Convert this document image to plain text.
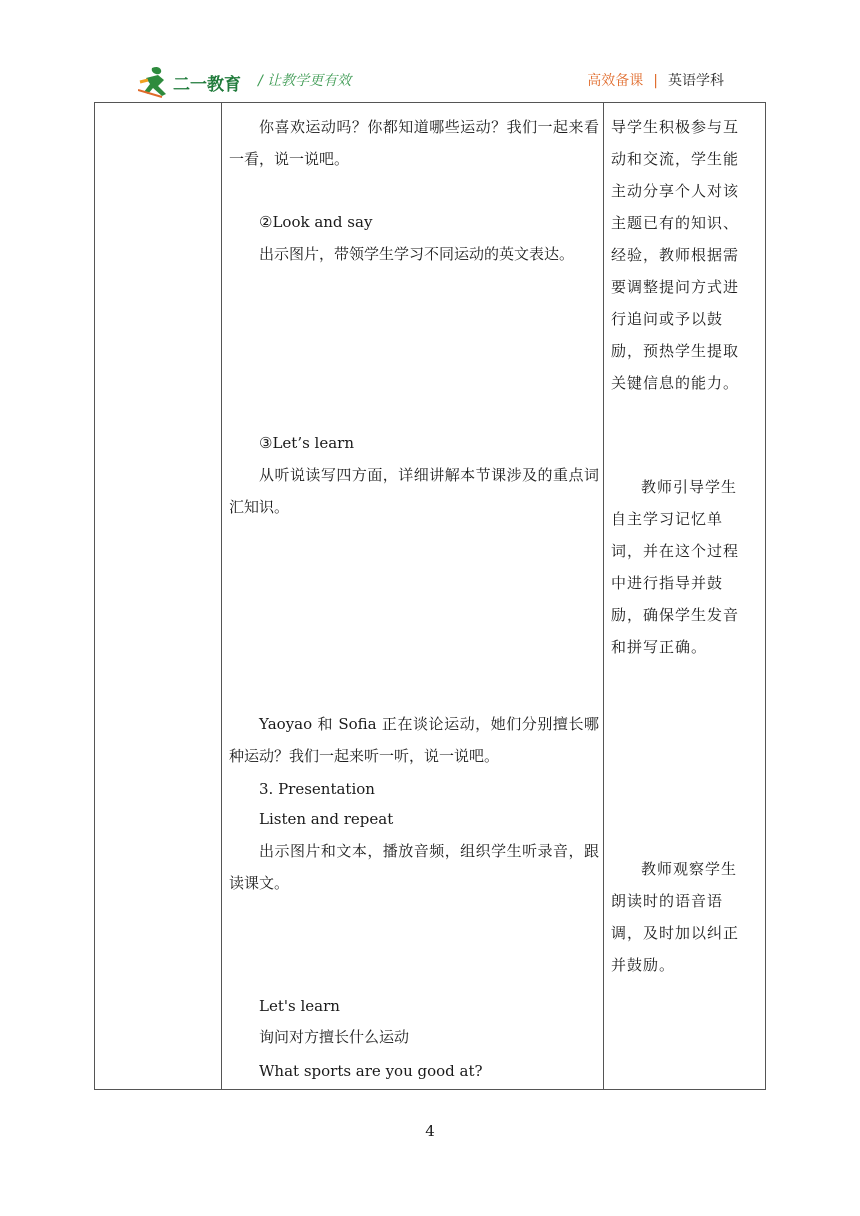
二一教育 / 让教学更有效	高效备课 | 英语学科

你喜欢运动吗？你都知道哪些运动？我们一起来看一看，说一说吧。

②Look and say

出示图片，带领学生学习不同运动的英文表达。

③Let’s learn

从听说读写四方面，详细讲解本节课涉及的重点词汇知识。

Yaoyao 和 Sofia 正在谈论运动，她们分别擅长哪种运动？我们一起来听一听，说一说吧。

3. Presentation

Listen and repeat

出示图片和文本，播放音频，组织学生听录音，跟读课文。

Let's learn

询问对方擅长什么运动

What sports are you good at?

导学生积极参与互动和交流，学生能主动分享个人对该主题已有的知识、经验，教师根据需要调整提问方式进行追问或予以鼓励，预热学生提取关键信息的能力。

教师引导学生自主学习记忆单词，并在这个过程中进行指导并鼓励，确保学生发音和拼写正确。

教师观察学生朗读时的语音语调，及时加以纠正并鼓励。

4
